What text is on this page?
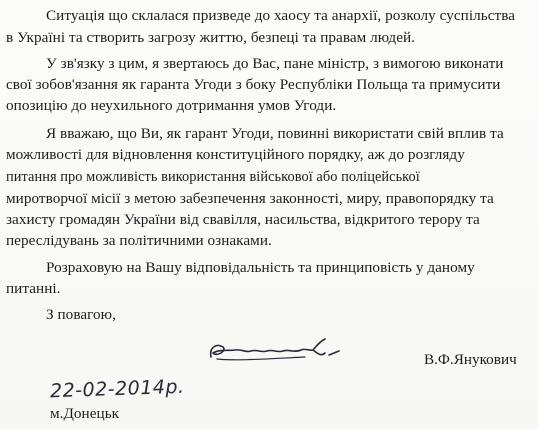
Ситуація що склалася призведе до хаосу та анархії, розколу суспільства
в Україні та створить загрозу життю, безпеці та правам людей.
У зв'язку з цим, я звертаюсь до Вас, пане міністр, з вимогою виконати
свої зобов'язання як гаранта Угоди з боку Республіки Польща та примусити
опозицію до неухильного дотримання умов Угоди.
Я вважаю, що Ви, як гарант Угоди, повинні використати свій вплив та
можливості для відновлення конституційного порядку, аж до розгляду
питання про можливість використання військової або поліцейської
миротворчої місії з метою забезпечення законності, миру, правопорядку та
захисту громадян України від свавілля, насильства, відкритого терору та
переслідувань за політичними ознаками.
Розраховую на Вашу відповідальність та принциповість у даному
питанні.
З повагою,
В.Ф.Янукович
22-02-2014р.
м.Донецьк
